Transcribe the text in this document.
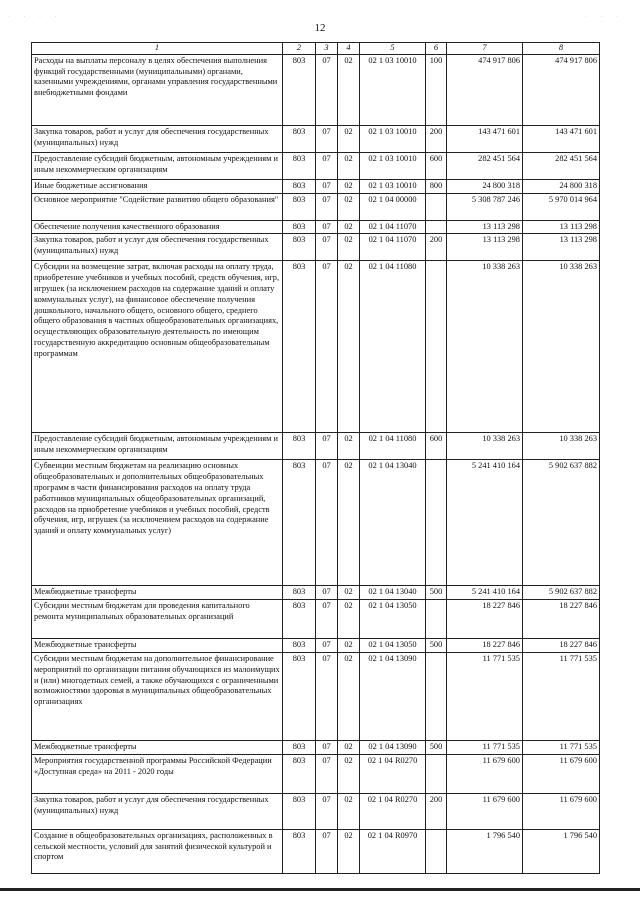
· · · ·	· · ·
12
1	2	3	4	5	6	7	8
Расходы на выплаты персоналу в целях обеспечения выполнения функций государственными (муниципальными) органами, казенными учреждениями, органами управления государственными внебюджетными фондами	803	07	02	02 1 03 10010	100	474 917 806	474 917 806
Закупка товаров, работ и услуг для обеспечения государственных (муниципальных) нужд	803	07	02	02 1 03 10010	200	143 471 601	143 471 601
Предоставление субсидий бюджетным, автономным учреждениям и иным некоммерческим организациям	803	07	02	02 1 03 10010	600	282 451 564	282 451 564
Иные бюджетные ассигнования	803	07	02	02 1 03 10010	800	24 800 318	24 800 318
Основное мероприятие "Содействие развитию общего образования"	803	07	02	02 1 04 00000		5 308 787 246	5 970 014 964
Обеспечение получения качественного образования	803	07	02	02 1 04 11070		13 113 298	13 113 298
Закупка товаров, работ и услуг для обеспечения государственных (муниципальных) нужд	803	07	02	02 1 04 11070	200	13 113 298	13 113 298
Субсидии на возмещение затрат, включая расходы на оплату труда, приобретение учебников и учебных пособий, средств обучения, игр, игрушек (за исключением расходов на содержание зданий и оплату коммунальных услуг), на финансовое обеспечение получения дошкольного, начального общего, основного общего, среднего общего образования в частных общеобразовательных организациях, осуществляющих образовательную деятельность по имеющим государственную аккредитацию основным общеобразовательным программам	803	07	02	02 1 04 11080		10 338 263	10 338 263
Предоставление субсидий бюджетным, автономным учреждениям и иным некоммерческим организациям	803	07	02	02 1 04 11080	600	10 338 263	10 338 263
Субвенции местным бюджетам на реализацию основных общеобразовательных и дополнительных общеобразовательных программ в части финансирования расходов на оплату труда работников муниципальных общеобразовательных организаций, расходов на приобретение учебников и учебных пособий, средств обучения, игр, игрушек (за исключением расходов на содержание зданий и оплату коммунальных услуг)	803	07	02	02 1 04 13040		5 241 410 164	5 902 637 882
Межбюджетные трансферты	803	07	02	02 1 04 13040	500	5 241 410 164	5 902 637 882
Субсидии местным бюджетам для проведения капитального ремонта муниципальных образовательных организаций	803	07	02	02 1 04 13050		18 227 846	18 227 846
Межбюджетные трансферты	803	07	02	02 1 04 13050	500	18 227 846	18 227 846
Субсидии местным бюджетам на дополнительное финансирование мероприятий по организации питания обучающихся из малоимущих и (или) многодетных семей, а также обучающихся с ограниченными возможностями здоровья в муниципальных общеобразовательных организациях	803	07	02	02 1 04 13090		11 771 535	11 771 535
Межбюджетные трансферты	803	07	02	02 1 04 13090	500	11 771 535	11 771 535
Мероприятия государственной программы Российской Федерации «Доступная среда» на 2011 - 2020 годы	803	07	02	02 1 04 R0270		11 679 600	11 679 600
Закупка товаров, работ и услуг для обеспечения государственных (муниципальных) нужд	803	07	02	02 1 04 R0270	200	11 679 600	11 679 600
Создание в общеобразовательных организациях, расположенных в сельской местности, условий для занятий физической культурой и спортом	803	07	02	02 1 04 R0970		1 796 540	1 796 540
